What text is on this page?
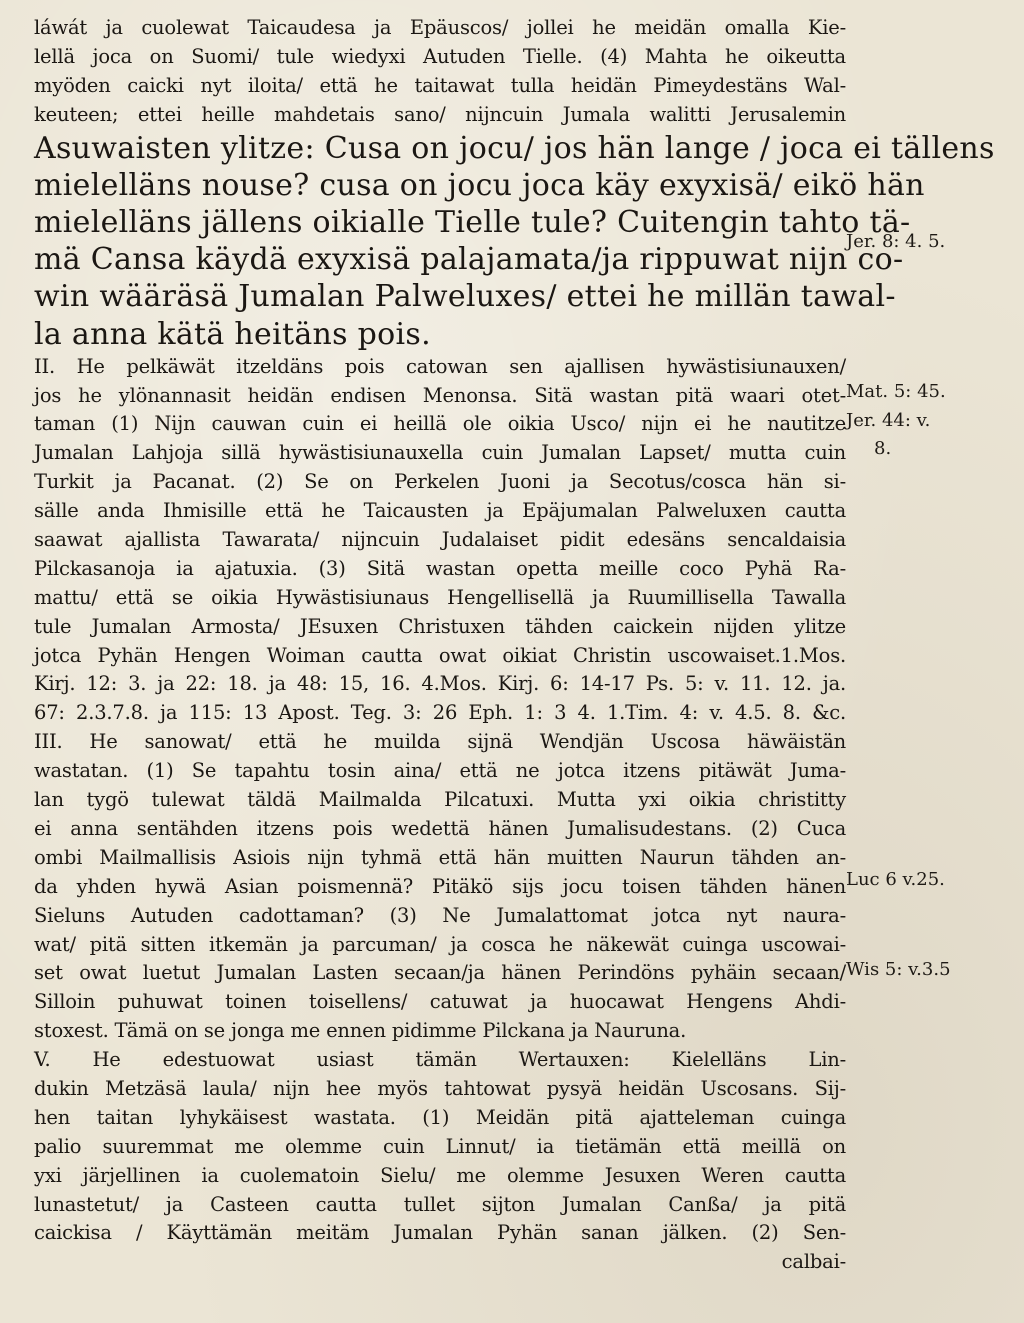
láwát ja cuolewat Taicaudesa ja Epäuscos/ jollei he meidän omalla Kie-
lellä joca on Suomi/ tule wiedyxi Autuden Tielle. (4) Mahta he oikeutta
myöden caicki nyt iloita/ että he taitawat tulla heidän Pimeydestäns Wal-
keuteen; ettei heille mahdetais sano/ nijncuin Jumala walitti Jerusalemin
Asuwaisten ylitze: Cusa on jocu/ jos hän lange / joca ei tällens
mielelläns nouse? cusa on jocu joca käy exyxisä/ eikö hän
mielelläns jällens oikialle Tielle tule? Cuitengin tahto tä-
mä Cansa käydä exyxisä palajamata/ja rippuwat nijn co-
win wääräsä Jumalan Palweluxes/ ettei he millän tawal-
la anna kätä heitäns pois.
II. He pelkäwät itzeldäns pois catowan sen ajallisen hywästisiunauxen/
jos he ylönannasit heidän endisen Menonsa. Sitä wastan pitä waari otet-
taman (1) Nijn cauwan cuin ei heillä ole oikia Usco/ nijn ei he nautitze
Jumalan Lahjoja sillä hywästisiunauxella cuin Jumalan Lapset/ mutta cuin
Turkit ja Pacanat. (2) Se on Perkelen Juoni ja Secotus/cosca hän si-
sälle anda Ihmisille että he Taicausten ja Epäjumalan Palweluxen cautta
saawat ajallista Tawarata/ nijncuin Judalaiset pidit edesäns sencaldaisia
Pilckasanoja ia ajatuxia. (3) Sitä wastan opetta meille coco Pyhä Ra-
mattu/ että se oikia Hywästisiunaus Hengellisellä ja Ruumillisella Tawalla
tule Jumalan Armosta/ JEsuxen Christuxen tähden caickein nijden ylitze
jotca Pyhän Hengen Woiman cautta owat oikiat Christin uscowaiset.1.Mos.
Kirj. 12: 3. ja 22: 18. ja 48: 15, 16. 4.Mos. Kirj. 6: 14-17 Ps. 5: v. 11. 12. ja.
67: 2.3.7.8. ja 115: 13 Apost. Teg. 3: 26 Eph. 1: 3 4. 1.Tim. 4: v. 4.5. 8. &c.
III. He sanowat/ että he muilda sijnä Wendjän Uscosa häwäistän
wastatan. (1) Se tapahtu tosin aina/ että ne jotca itzens pitäwät Juma-
lan tygö tulewat täldä Mailmalda Pilcatuxi. Mutta yxi oikia christitty
ei anna sentähden itzens pois wedettä hänen Jumalisudestans. (2) Cuca
ombi Mailmallisis Asiois nijn tyhmä että hän muitten Naurun tähden an-
da yhden hywä Asian poismennä? Pitäkö sijs jocu toisen tähden hänen
Sieluns Autuden cadottaman? (3) Ne Jumalattomat jotca nyt naura-
wat/ pitä sitten itkemän ja parcuman/ ja cosca he näkewät cuinga uscowai-
set owat luetut Jumalan Lasten secaan/ja hänen Perindöns pyhäin secaan/
Silloin puhuwat toinen toisellens/ catuwat ja huocawat Hengens Ahdi-
stoxest. Tämä on se jonga me ennen pidimme Pilckana ja Nauruna.
V. He edestuowat usiast tämän Wertauxen: Kielelläns Lin-
dukin Metzäsä laula/ nijn hee myös tahtowat pysyä heidän Uscosans. Sij-
hen taitan lyhykäisest wastata. (1) Meidän pitä ajatteleman cuinga
palio suuremmat me olemme cuin Linnut/ ia tietämän että meillä on
yxi järjellinen ia cuolematoin Sielu/ me olemme Jesuxen Weren cautta
lunastetut/ ja Casteen cautta tullet sijton Jumalan Canßa/ ja pitä
caickisa / Käyttämän meitäm Jumalan Pyhän sanan jälken. (2) Sen-
calbai-
Jer. 8: 4. 5.
Mat. 5: 45.
Jer. 44: v.
8.
Luc 6 v.25.
Wis 5: v.3.5
